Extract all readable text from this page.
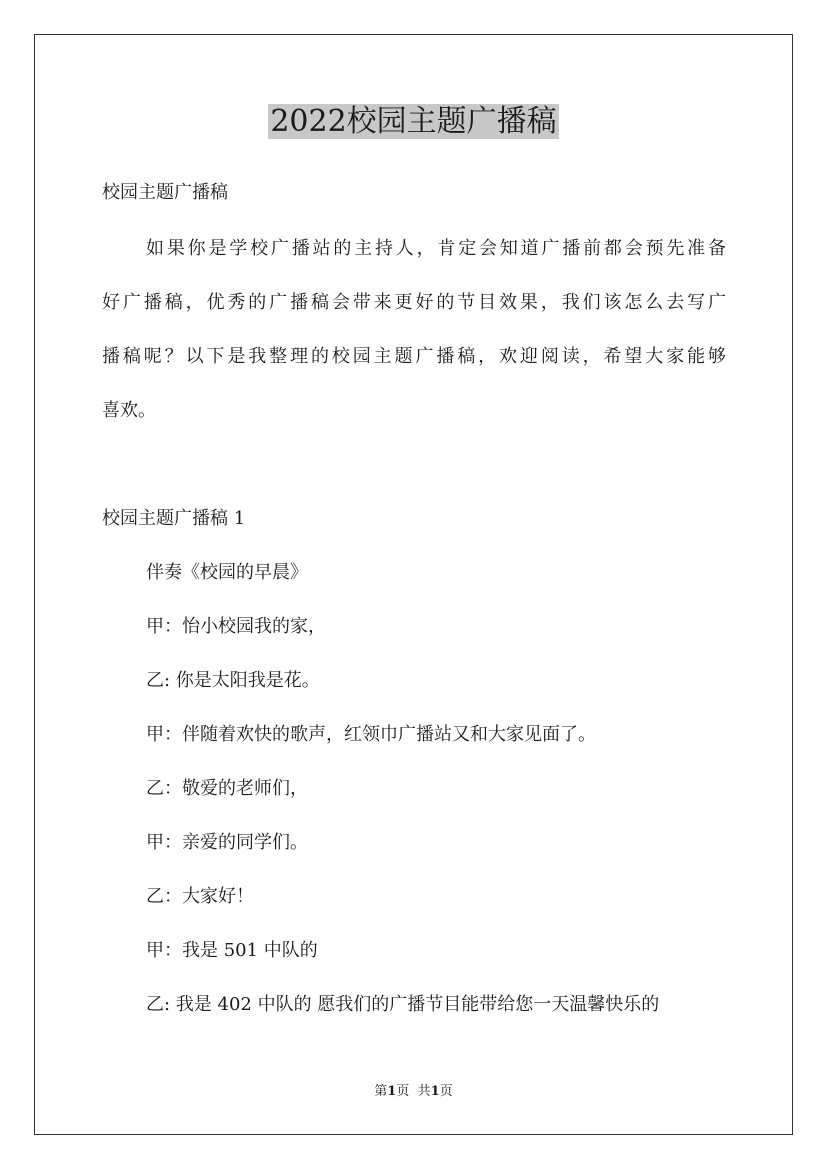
2022校园主题广播稿
校园主题广播稿
如果你是学校广播站的主持人，肯定会知道广播前都会预先准备
好广播稿，优秀的广播稿会带来更好的节目效果，我们该怎么去写广
播稿呢？以下是我整理的校园主题广播稿，欢迎阅读，希望大家能够
喜欢。
校园主题广播稿 1
伴奏《校园的早晨》
甲：怡小校园我的家，
乙: 你是太阳我是花。
甲：伴随着欢快的歌声，红领巾广播站又和大家见面了。
乙：敬爱的老师们，
甲：亲爱的同学们。
乙：大家好！
甲：我是 501 中队的
乙: 我是 402 中队的 愿我们的广播节目能带给您一天温馨快乐的
第1页 共1页
